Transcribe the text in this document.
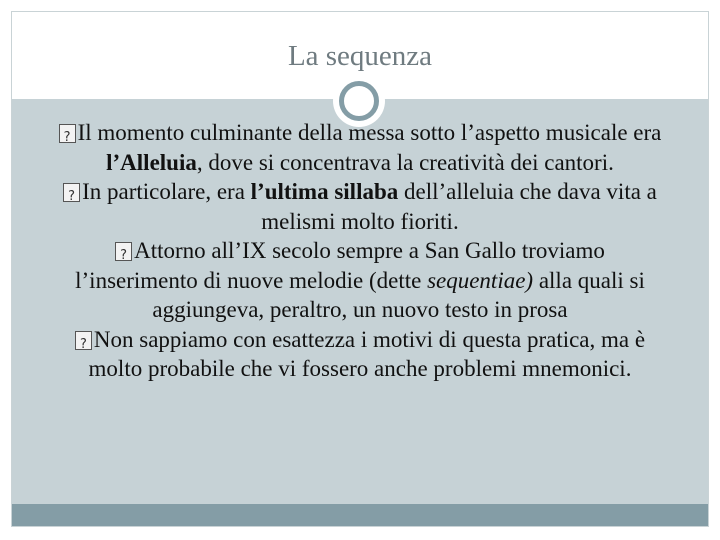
La sequenza

?Il momento culminante della messa sotto l’aspetto musicale era l’Alleluia, dove si concentrava la creatività dei cantori.

?In particolare, era l’ultima sillaba dell’alleluia che dava vita a melismi molto fioriti.

?Attorno all’IX secolo sempre a San Gallo troviamo l’inserimento di nuove melodie (dette sequentiae) alla quali si aggiungeva, peraltro, un nuovo testo in prosa

?Non sappiamo con esattezza i motivi di questa pratica, ma è molto probabile che vi fossero anche problemi mnemonici.
